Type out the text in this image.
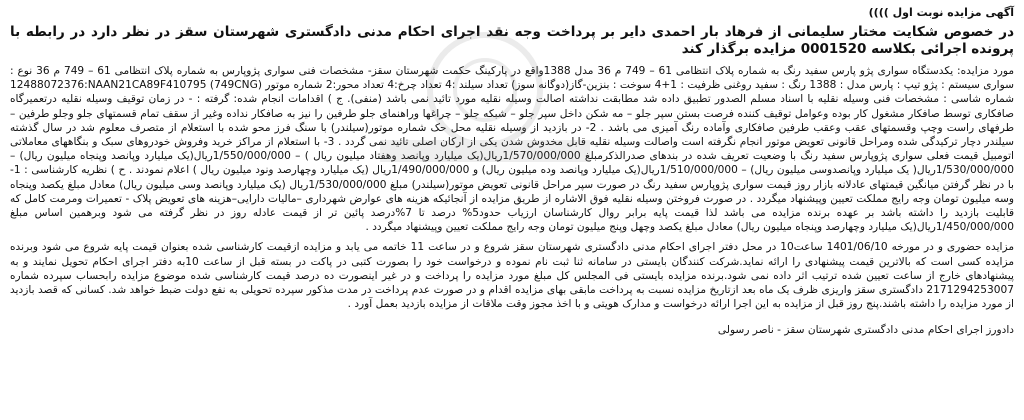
آگهی مزایده نوبت اول ))))
در خصوص شکایت مختار سلیمانی از فرهاد بار احمدی دایر بر پرداخت وجه نقد اجرای احکام مدنی دادگستری شهرستان سقز در نظر دارد در رابطه با پرونده اجرائی بکلاسه 0001520 مزایده برگذار کند

مورد مزایده: یکدستگاه سواری پژو پارس سفید رنگ به شماره پلاک انتظامی 61 – 749 م 36 مدل 1388واقع در پارکینگ حکمت شهرستان سقز- مشخصات فنی سواری پژوپارس به شماره پلاک انتظامی 61 – 749 م 36 نوع : سواری سیستم : پژو تیپ : پارس مدل : 1388 رنگ : سفید روغنی ظرفیت : 1+4 سوخت : بنزین-گاز(دوگانه سوز) تعداد سیلند :4 تعداد چرخ:4 تعداد محور:2 شماره موتور (749CNG) 12488072376:NAAN21CA89F410795 شماره شاسی : مشخصات فنی وسیله نقلیه با اسناد مسلم الصدور تطبیق داده شد مطابقت نداشته اصالت وسیله نقلیه مورد تائید نمی باشد (منفی). ج ) اقدامات انجام شده: گرفته : - در زمان توقیف وسیله نقلیه درتعمیرگاه صافکاری توسط صافکار مشغول کار بوده وعوامل توقیف کننده فرصت بستن سپر جلو – مه شکن داخل سپر جلو – شبکه جلو – چراغها وراهنمای جلو طرفین را نیز به صافکار نداده وغیر از سقف تمام قسمتهای جلو وجلو طرفین – طرفهای راست وچپ وقسمتهای عقب وعقب طرفین صافکاری وآماده رنگ آمیزی می باشد . 2- در بازدید از وسیله نقلیه محل حک شماره موتور(سیلندر) با سنگ فرز محو شده با استعلام از متصرف معلوم شد در سال گذشته سیلندر دچار ترکیدگی شده ومراحل قانونی تعویض موتور انجام نگرفته است واصالت وسیله نقلیه قابل مخدوش شدن یکی از ارکان اصلی تائید نمی گردد . 3- با استعلام از مراکز خرید وفروش خودروهای سبک و بنگاههای معاملاتی اتومبیل قیمت فعلی سواری پژوپارس سفید رنگ با وضعیت تعریف شده در بندهای صدرالذکرمبلغ 1/570/000/000ریال(یک میلیارد وپانصد وهفتاد میلیون ریال ) – 1/550/000/000ریال(یک میلیارد وپانصد وپنجاه میلیون ریال) – 1/530/000/000ریال( یک میلیارد وپانصدوسی میلیون ریال) – 1/510/000/000ریال(یک میلیارد وپانصد وده میلیون ریال) و 1/490/000/000ریال (یک میلیارد وچهارصد ونود میلیون ریال ) اعلام نمودند . ح ) نظریه کارشناسی : 1- با در نظر گرفتن میانگین قیمتهای عادلانه بازار روز قیمت سواری پژوپارس سفید رنگ در صورت سپر مراحل قانونی تعویض موتور(سیلندر) مبلغ 1/530/000/000ریال (یک میلیارد وپانصد وسی میلیون ریال) معادل مبلغ یکصد وپنجاه وسه میلیون تومان وجه رایج مملکت تعیین وپیشنهاد میگردد . در صورت فروختن وسیله نقلیه فوق الاشاره از طریق مزایده از آنجائیکه هزینه های عوارض شهرداری –مالیات دارایی–هزینه های تعویض پلاک - تعمیرات ومرمت کامل که قابلیت بازدید را داشته باشد بر عهده برنده مزایده می باشد لذا قیمت پایه برابر روال کارشناسان ارزیاب حدود5% درصد تا 7%درصد پائین تر از قیمت عادله روز در نظر گرفته می شود وبرهمین اساس مبلغ 1/450/000/000ریال(یک میلیارد وچهارصد وپنجاه میلیون ریال) معادل مبلغ یکصد وچهل وپنج میلیون تومان وجه رایج مملکت تعیین وپیشنهاد میگردد .

مزایده حضوری و در مورخه 1401/06/10 ساعت10 در محل دفتر اجرای احکام مدنی دادگستری شهرستان سقز شروع و در ساعت 11 خاتمه می یابد و مزایده ازقیمت کارشناسی شده بعنوان قیمت پایه شروع می شود وبرنده مزایده کسی است که بالاترین قیمت پیشنهادی را ارائه نماید.شرکت کنندگان بایستی در سامانه ثنا ثبت نام نموده و درخواست خود را بصورت کتبی در پاکت در بسته قبل از ساعت 10به دفتر اجرای احکام تحویل نمایند و به پیشنهادهای خارج از ساعت تعیین شده ترتیب اثر داده نمی شود.برنده مزایده بایستی فی المجلس کل مبلغ مورد مزایده را پرداخت و در غیر اینصورت ده درصد قیمت کارشناسی شده موضوع مزایده رابحساب سپرده شماره 2171294253007 دادگستری سقز واریزی ظرف یک ماه بعد ازتاریخ مزایده نسبت به پرداخت مابقی بهای مزایده اقدام و در صورت عدم پرداخت در مدت مذکور سپرده تحویلی به نفع دولت ضبط خواهد شد. کسانی که قصد بازدید از مورد مزایده را داشته باشند.پنج روز قبل از مزایده به این اجرا ارائه درخواست و مدارک هویتی و با اخذ مجوز وقت ملاقات از مزایده بازدید بعمل آورد .

دادورز اجرای احکام مدنی دادگستری شهرستان سقز - ناصر رسولی
